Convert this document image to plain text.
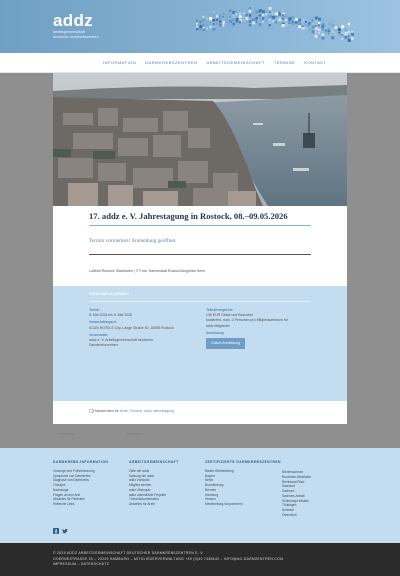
addz
arbeitsgemeinschaft
deutscher darmkrebszentren
INFORMATION DARMKREBSZENTREN ARBEITSGEMEINSCHAFT TERMINE KONTAKT
17. addz e. V. Jahrestagung in Rostock, 08.–09.05.2026
Termin vormerken! Anmeldung geöffnet.
Luftbild Rostock Stadthafen | © Foto: Hansestadt Rostock/Angelika Heim
Veranstaltungsdaten
Termin
8. Mai 2026 bis 9. Mai 2026
Veranstaltungsort
SCAN HOTELS City, Lange Straße 40, 18055 Rostock
Veranstalter
addz e. V. Arbeitsgemeinschaft deutscher
Darmkrebszentren
Teilnahmegebühr
135 EUR Gäste und Besucher
kostenfrei, max. 2 Personen pro Mitgliedszentrum für
addz Mitglieder
Anmeldung
Online-Anmeldung
Nachrichten für Ärzte, Termine, addz Jahrestagung
« Vorheriger	Nächster »
DARMKREBS-INFORMATION
Vorsorge und Früherkennung
Symptome von Darmkrebs
Diagnose von Darmkrebs
Therapie
Nachsorge
Fragen an den Arzt
Aktuelles für Patienten
Hilfreiche Links
ARBEITSGEMEINSCHAFT
Ziele der addz
Satzung der addz
addz Vorstand
Mitglied werden
addz Videoquiz
addz unterstützte Projekte
Tumordokumentation
Aktuelles für Ärzte
ZERTIFIZIERTE DARMKREBSZENTREN
Baden-Württemberg
Bayern
Berlin
Brandenburg
Bremen
Hamburg
Hessen
Mecklenburg-Vorpommern
Niedersachsen
Nordrhein-Westfalen
Rheinland-Pfalz
Saarland
Sachsen
Sachsen-Anhalt
Schleswig-Holstein
Thüringen
Schweiz
Österreich
© 2025 ADDZ ARBEITSGEMEINSCHAFT DEUTSCHER DARMKREBSZENTREN E. V.
GOERNESTRASSE 30 – 20249 HAMBURG – MITGLIEDERVERWALTUNG +49 (0)40 7438640 – INFO@AG-DARMZENTREN.COM
IMPRESSUM – DATENSCHUTZ
